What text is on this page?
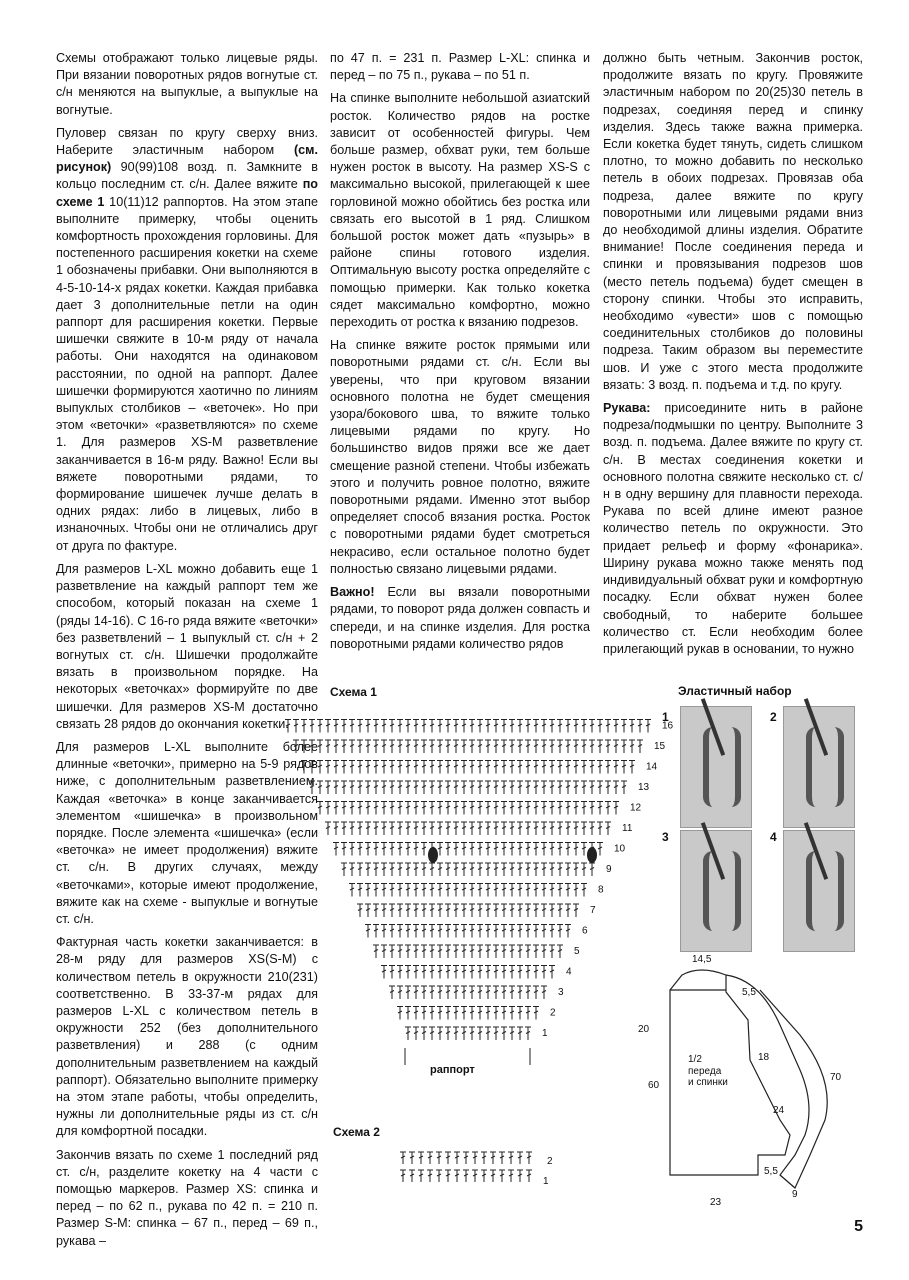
Схемы отображают только лицевые ряды. При вязании поворотных рядов вогнутые ст. с/н меняются на выпуклые, а выпуклые на вогнутые.

Пуловер связан по кругу сверху вниз. Наберите эластичным набором (см. рисунок) 90(99)108 возд. п. Замкните в кольцо последним ст. с/н. Далее вяжите по схеме 1 10(11)12 раппортов. На этом этапе выполните примерку, чтобы оценить комфортность прохождения горловины. Для постепенного расширения кокетки на схеме 1 обозначены прибавки. Они выполняются в 4-5-10-14-х рядах кокетки. Каждая прибавка дает 3 дополнительные петли на один раппорт для расширения кокетки. Первые шишечки свяжите в 10-м ряду от начала работы. Они находятся на одинаковом расстоянии, по одной на раппорт. Далее шишечки формируются хаотично по линиям выпуклых столбиков – «веточек». Но при этом «веточки» «разветвляются» по схеме 1. Для размеров XS-M разветвление заканчивается в 16-м ряду. Важно! Если вы вяжете поворотными рядами, то формирование шишечек лучше делать в одних рядах: либо в лицевых, либо в изнаночных. Чтобы они не отличались друг от друга по фактуре.

Для размеров L-XL можно добавить еще 1 разветвление на каждый раппорт тем же способом, который показан на схеме 1 (ряды 14-16). С 16-го ряда вяжите «веточки» без разветвлений – 1 выпуклый ст. с/н + 2 вогнутых ст. с/н. Шишечки продолжайте вязать в произвольном порядке. На некоторых «веточках» формируйте по две шишечки. Для размеров XS-M достаточно связать 28 рядов до окончания кокетки.

Для размеров L-XL выполните более длинные «веточки», примерно на 5-9 рядов ниже, с дополнительным разветвлением. Каждая «веточка» в конце заканчивается элементом «шишечка» в произвольном порядке. После элемента «шишечка» (если «веточка» не имеет продолжения) вяжите ст. с/н. В других случаях, между «веточками», которые имеют продолжение, вяжите как на схеме - выпуклые и вогнутые ст. с/н.

Фактурная часть кокетки заканчивается: в 28-м ряду для размеров XS(S-M) с количеством петель в окружности 210(231) соответственно. В 33-37-м рядах для размеров L-XL с количеством петель в окружности 252 (без дополнительного разветвления) и 288 (с одним дополнительным разветвлением на каждый раппорт). Обязательно выполните примерку на этом этапе работы, чтобы определить, нужны ли дополнительные ряды из ст. с/н для комфортной посадки.

Закончив вязать по схеме 1 последний ряд ст. с/н, разделите кокетку на 4 части с помощью маркеров. Размер XS: спинка и перед – по 62 п., рукава по 42 п. = 210 п. Размер S-M: спинка – 67 п., перед – 69 п., рукава –

по 47 п. = 231 п. Размер L-XL: спинка и перед – по 75 п., рукава – по 51 п.

На спинке выполните небольшой азиатский росток. Количество рядов на ростке зависит от особенностей фигуры. Чем больше размер, обхват руки, тем больше нужен росток в высоту. На размер XS-S с максимально высокой, прилегающей к шее горловиной можно обойтись без ростка или связать его высотой в 1 ряд. Слишком большой росток может дать «пузырь» в районе спины готового изделия. Оптимальную высоту ростка определяйте с помощью примерки. Как только кокетка сядет максимально комфортно, можно переходить от ростка к вязанию подрезов.

На спинке вяжите росток прямыми или поворотными рядами ст. с/н. Если вы уверены, что при круговом вязании основного полотна не будет смещения узора/бокового шва, то вяжите только лицевыми рядами по кругу. Но большинство видов пряжи все же дает смещение разной степени. Чтобы избежать этого и получить ровное полотно, вяжите поворотными рядами. Именно этот выбор определяет способ вязания ростка. Росток с поворотными рядами будет смотреться некрасиво, если остальное полотно будет полностью связано лицевыми рядами.

Важно! Если вы вязали поворотными рядами, то поворот ряда должен совпасть и спереди, и на спинке изделия. Для ростка поворотными рядами количество рядов

должно быть четным. Закончив росток, продолжите вязать по кругу. Провяжите эластичным набором по 20(25)30 петель в подрезах, соединяя перед и спинку изделия. Здесь также важна примерка. Если кокетка будет тянуть, сидеть слишком плотно, то можно добавить по несколько петель в обоих подрезах. Провязав оба подреза, далее вяжите по кругу поворотными или лицевыми рядами вниз до необходимой длины изделия. Обратите внимание! После соединения переда и спинки и провязывания подрезов шов (место петель подъема) будет смещен в сторону спинки. Чтобы это исправить, необходимо «увести» шов с помощью соединительных столбиков до половины подреза. Таким образом вы переместите шов. И уже с этого места продолжите вязать: 3 возд. п. подъема и т.д. по кругу.

Рукава: присоедините нить в районе подреза/подмышки по центру. Выполните 3 возд. п. подъема. Далее вяжите по кругу ст. с/н. В местах соединения кокетки и основного полотна свяжите несколько ст. с/н в одну вершину для плавности перехода. Рукава по всей длине имеют разное количество петель по окружности. Это придает рельеф и форму «фонарика». Ширину рукава можно также менять под индивидуальный обхват руки и комфортную посадку. Если обхват нужен более свободный, то наберите большее количество ст. Если необходим более прилегающий рукав в основании, то нужно

Схема 1
1
2
3
4
5
6
7
8
9
10
11
12
13
14
15
16
раппорт
Схема 2
2
1
Эластичный набор
1	2
3	4
14,5
5,5
20
60
18
70
24
5,5
9
23
1/2
переда
и спинки
5
